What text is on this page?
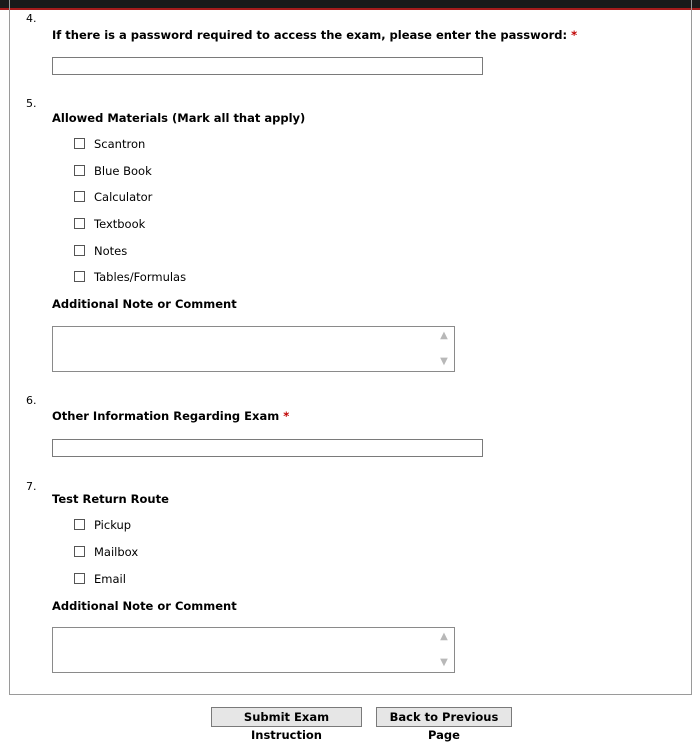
4.
If there is a password required to access the exam, please enter the password: *
5.
Allowed Materials (Mark all that apply)
Scantron
Blue Book
Calculator
Textbook
Notes
Tables/Formulas
Additional Note or Comment
▲
▼
6.
Other Information Regarding Exam *
7.
Test Return Route
Pickup
Mailbox
Email
Additional Note or Comment
▲
▼
Submit Exam Instruction
Back to Previous Page
